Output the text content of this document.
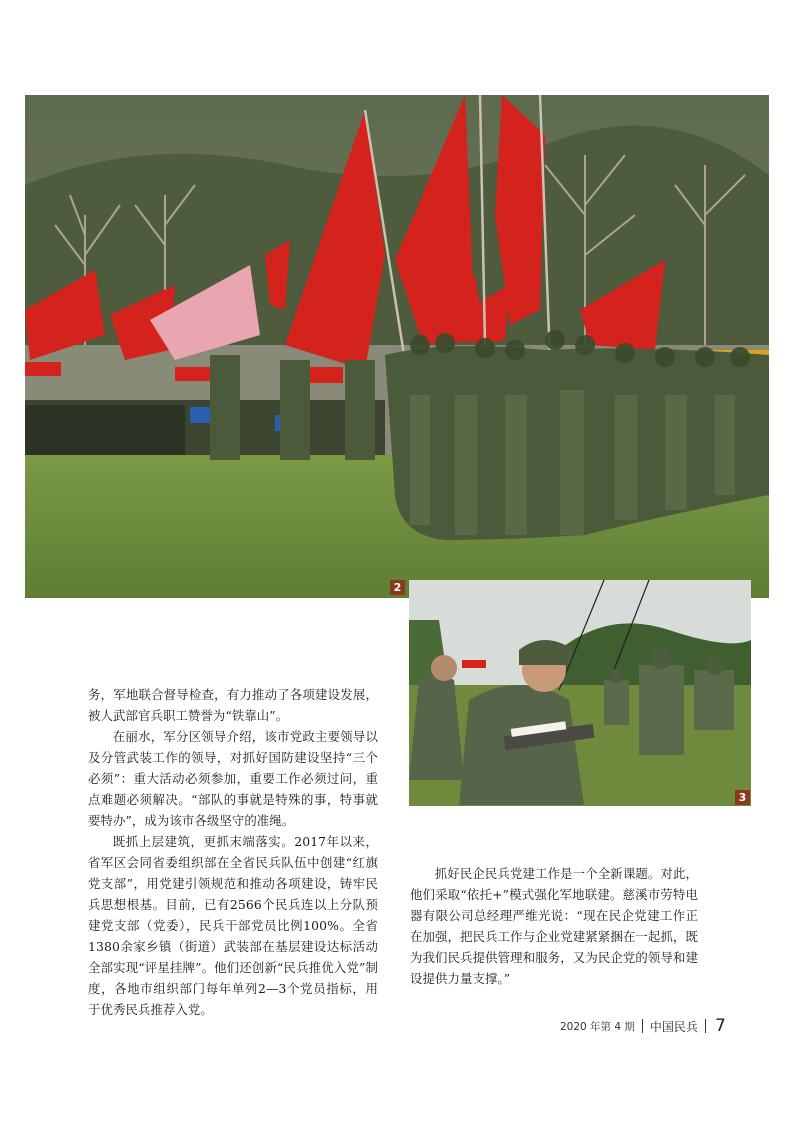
2
3

务，军地联合督导检查，有力推动了各项建设发展，被人武部官兵职工赞誉为“铁靠山”。

在丽水，军分区领导介绍，该市党政主要领导以及分管武装工作的领导，对抓好国防建设坚持“三个必须”：重大活动必须参加，重要工作必须过问，重点难题必须解决。“部队的事就是特殊的事，特事就要特办”，成为该市各级坚守的准绳。

既抓上层建筑，更抓末端落实。2017年以来，省军区会同省委组织部在全省民兵队伍中创建“红旗党支部”，用党建引领规范和推动各项建设，铸牢民兵思想根基。目前，已有2566个民兵连以上分队预建党支部（党委），民兵干部党员比例100%。全省1380余家乡镇（街道）武装部在基层建设达标活动全部实现“评星挂牌”。他们还创新“民兵推优入党”制度，各地市组织部门每年单列2—3个党员指标，用于优秀民兵推荐入党。

抓好民企民兵党建工作是一个全新课题。对此，他们采取“依托+”模式强化军地联建。慈溪市劳特电器有限公司总经理严维光说：“现在民企党建工作正在加强，把民兵工作与企业党建紧紧捆在一起抓，既为我们民兵提供管理和服务，又为民企党的领导和建设提供力量支撑。”

2020 年第 4 期 中国民兵 7
